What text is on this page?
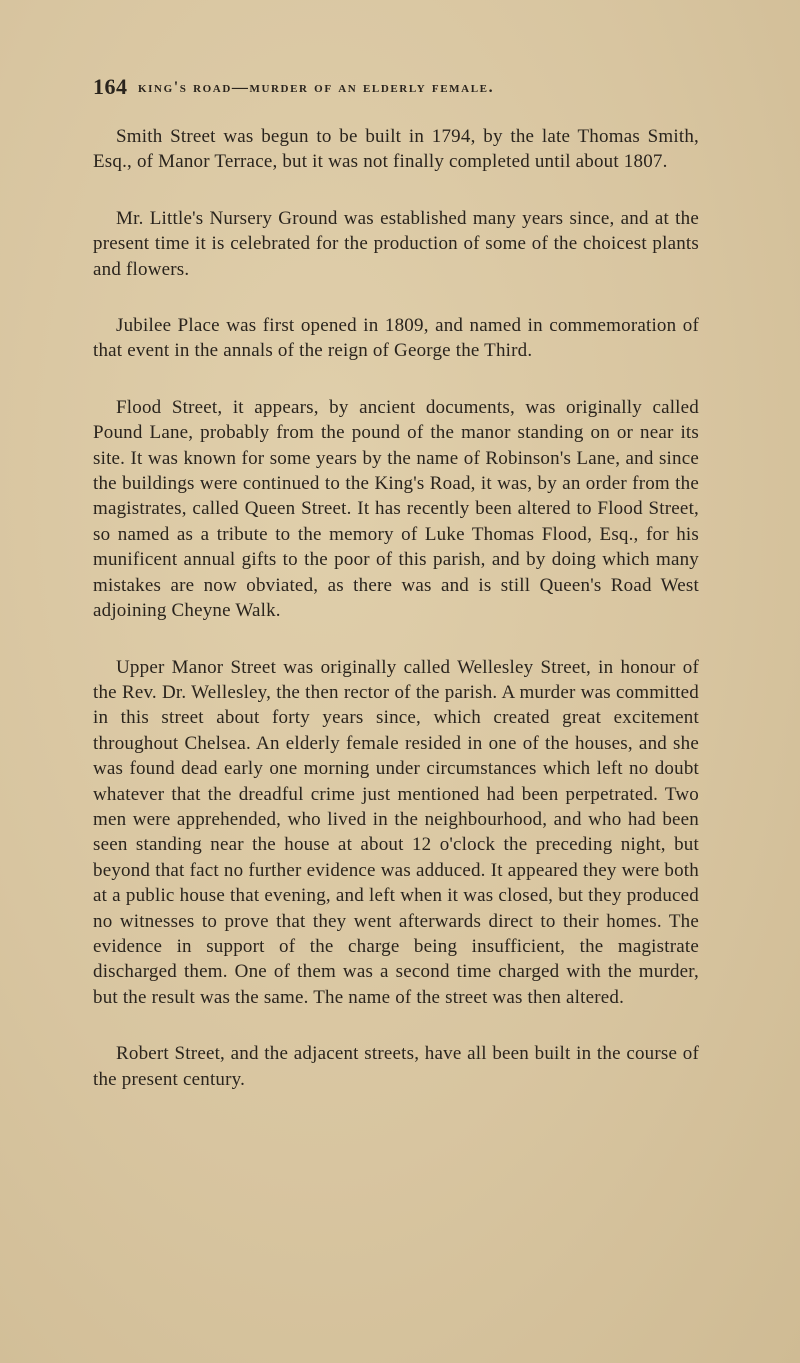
164 king's road—murder of an elderly female.

Smith Street was begun to be built in 1794, by the late Thomas Smith, Esq., of Manor Terrace, but it was not finally completed until about 1807.

Mr. Little's Nursery Ground was established many years since, and at the present time it is celebrated for the production of some of the choicest plants and flowers.

Jubilee Place was first opened in 1809, and named in commemoration of that event in the annals of the reign of George the Third.

Flood Street, it appears, by ancient documents, was originally called Pound Lane, probably from the pound of the manor standing on or near its site. It was known for some years by the name of Robinson's Lane, and since the buildings were continued to the King's Road, it was, by an order from the magistrates, called Queen Street. It has recently been altered to Flood Street, so named as a tribute to the memory of Luke Thomas Flood, Esq., for his munificent annual gifts to the poor of this parish, and by doing which many mistakes are now obviated, as there was and is still Queen's Road West adjoining Cheyne Walk.

Upper Manor Street was originally called Wellesley Street, in honour of the Rev. Dr. Wellesley, the then rector of the parish. A murder was committed in this street about forty years since, which created great excitement throughout Chelsea. An elderly female resided in one of the houses, and she was found dead early one morning under circumstances which left no doubt whatever that the dreadful crime just mentioned had been perpetrated. Two men were apprehended, who lived in the neighbourhood, and who had been seen standing near the house at about 12 o'clock the preceding night, but beyond that fact no further evidence was adduced. It appeared they were both at a public house that evening, and left when it was closed, but they produced no witnesses to prove that they went afterwards direct to their homes. The evidence in support of the charge being insufficient, the magistrate discharged them. One of them was a second time charged with the murder, but the result was the same. The name of the street was then altered.

Robert Street, and the adjacent streets, have all been built in the course of the present century.
